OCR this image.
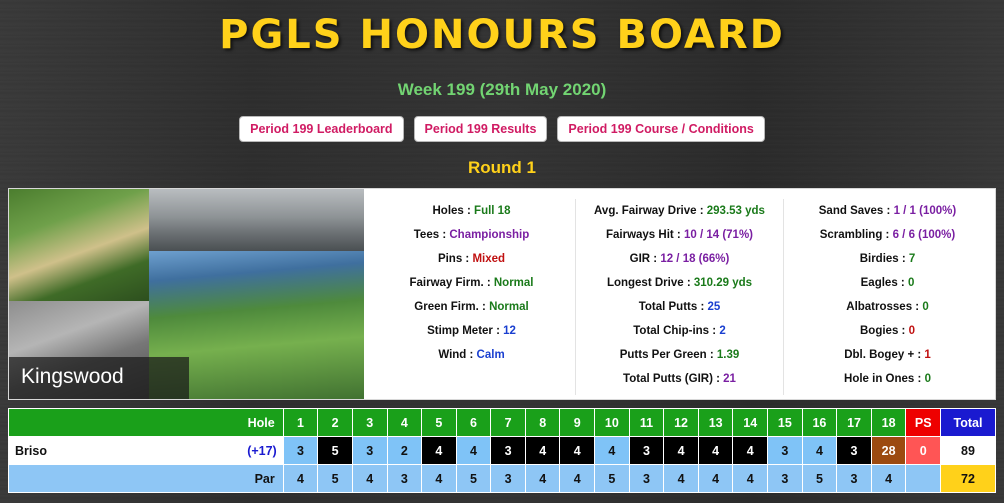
PGLS HONOURS BOARD
Week 199 (29th May 2020)
Period 199 Leaderboard	Period 199 Results	Period 199 Course / Conditions
Round 1
Kingswood
Holes : Full 18
Tees : Championship
Pins : Mixed
Fairway Firm. : Normal
Green Firm. : Normal
Stimp Meter : 12
Wind : Calm
Avg. Fairway Drive : 293.53 yds
Fairways Hit : 10 / 14 (71%)
GIR : 12 / 18 (66%)
Longest Drive : 310.29 yds
Total Putts : 25
Total Chip-ins : 2
Putts Per Green : 1.39
Total Putts (GIR) : 21
Sand Saves : 1 / 1 (100%)
Scrambling : 6 / 6 (100%)
Birdies : 7
Eagles : 0
Albatrosses : 0
Bogies : 0
Dbl. Bogey + : 1
Hole in Ones : 0
Hole	1	2	3	4	5	6	7	8	9	10	11	12	13	14	15	16	17	18	PS	Total
Briso (+17)	3	5	3	2	4	4	3	4	4	4	3	4	4	4	3	4	3	28	0	89
Par	4	5	4	3	4	5	3	4	4	5	3	4	4	4	3	5	3	4		72
